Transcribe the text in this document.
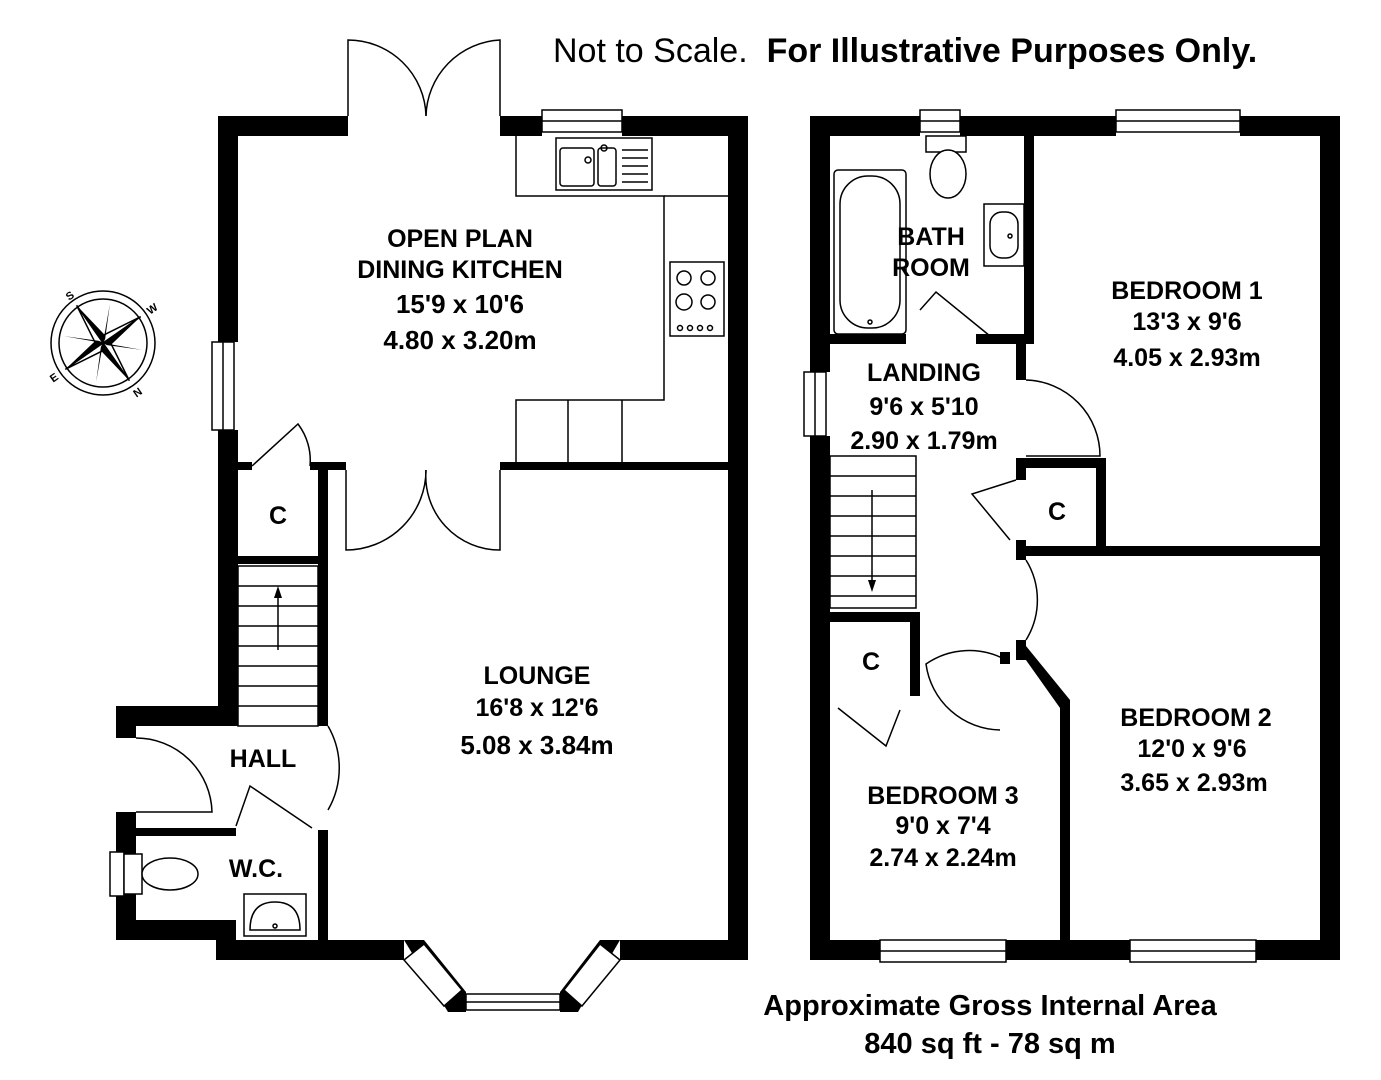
Not to Scale. For Illustrative Purposes Only.
S
N
W
E
OPEN PLAN
DINING KITCHEN
15'9 x 10'6
4.80 x 3.20m
C
LOUNGE
16'8 x 12'6
5.08 x 3.84m
HALL
W.C.
BATH
ROOM
LANDING
9'6 x 5'10
2.90 x 1.79m
BEDROOM 1
13'3 x 9'6
4.05 x 2.93m
C
C
BEDROOM 2
12'0 x 9'6
3.65 x 2.93m
BEDROOM 3
9'0 x 7'4
2.74 x 2.24m
Approximate Gross Internal Area
840 sq ft - 78 sq m
